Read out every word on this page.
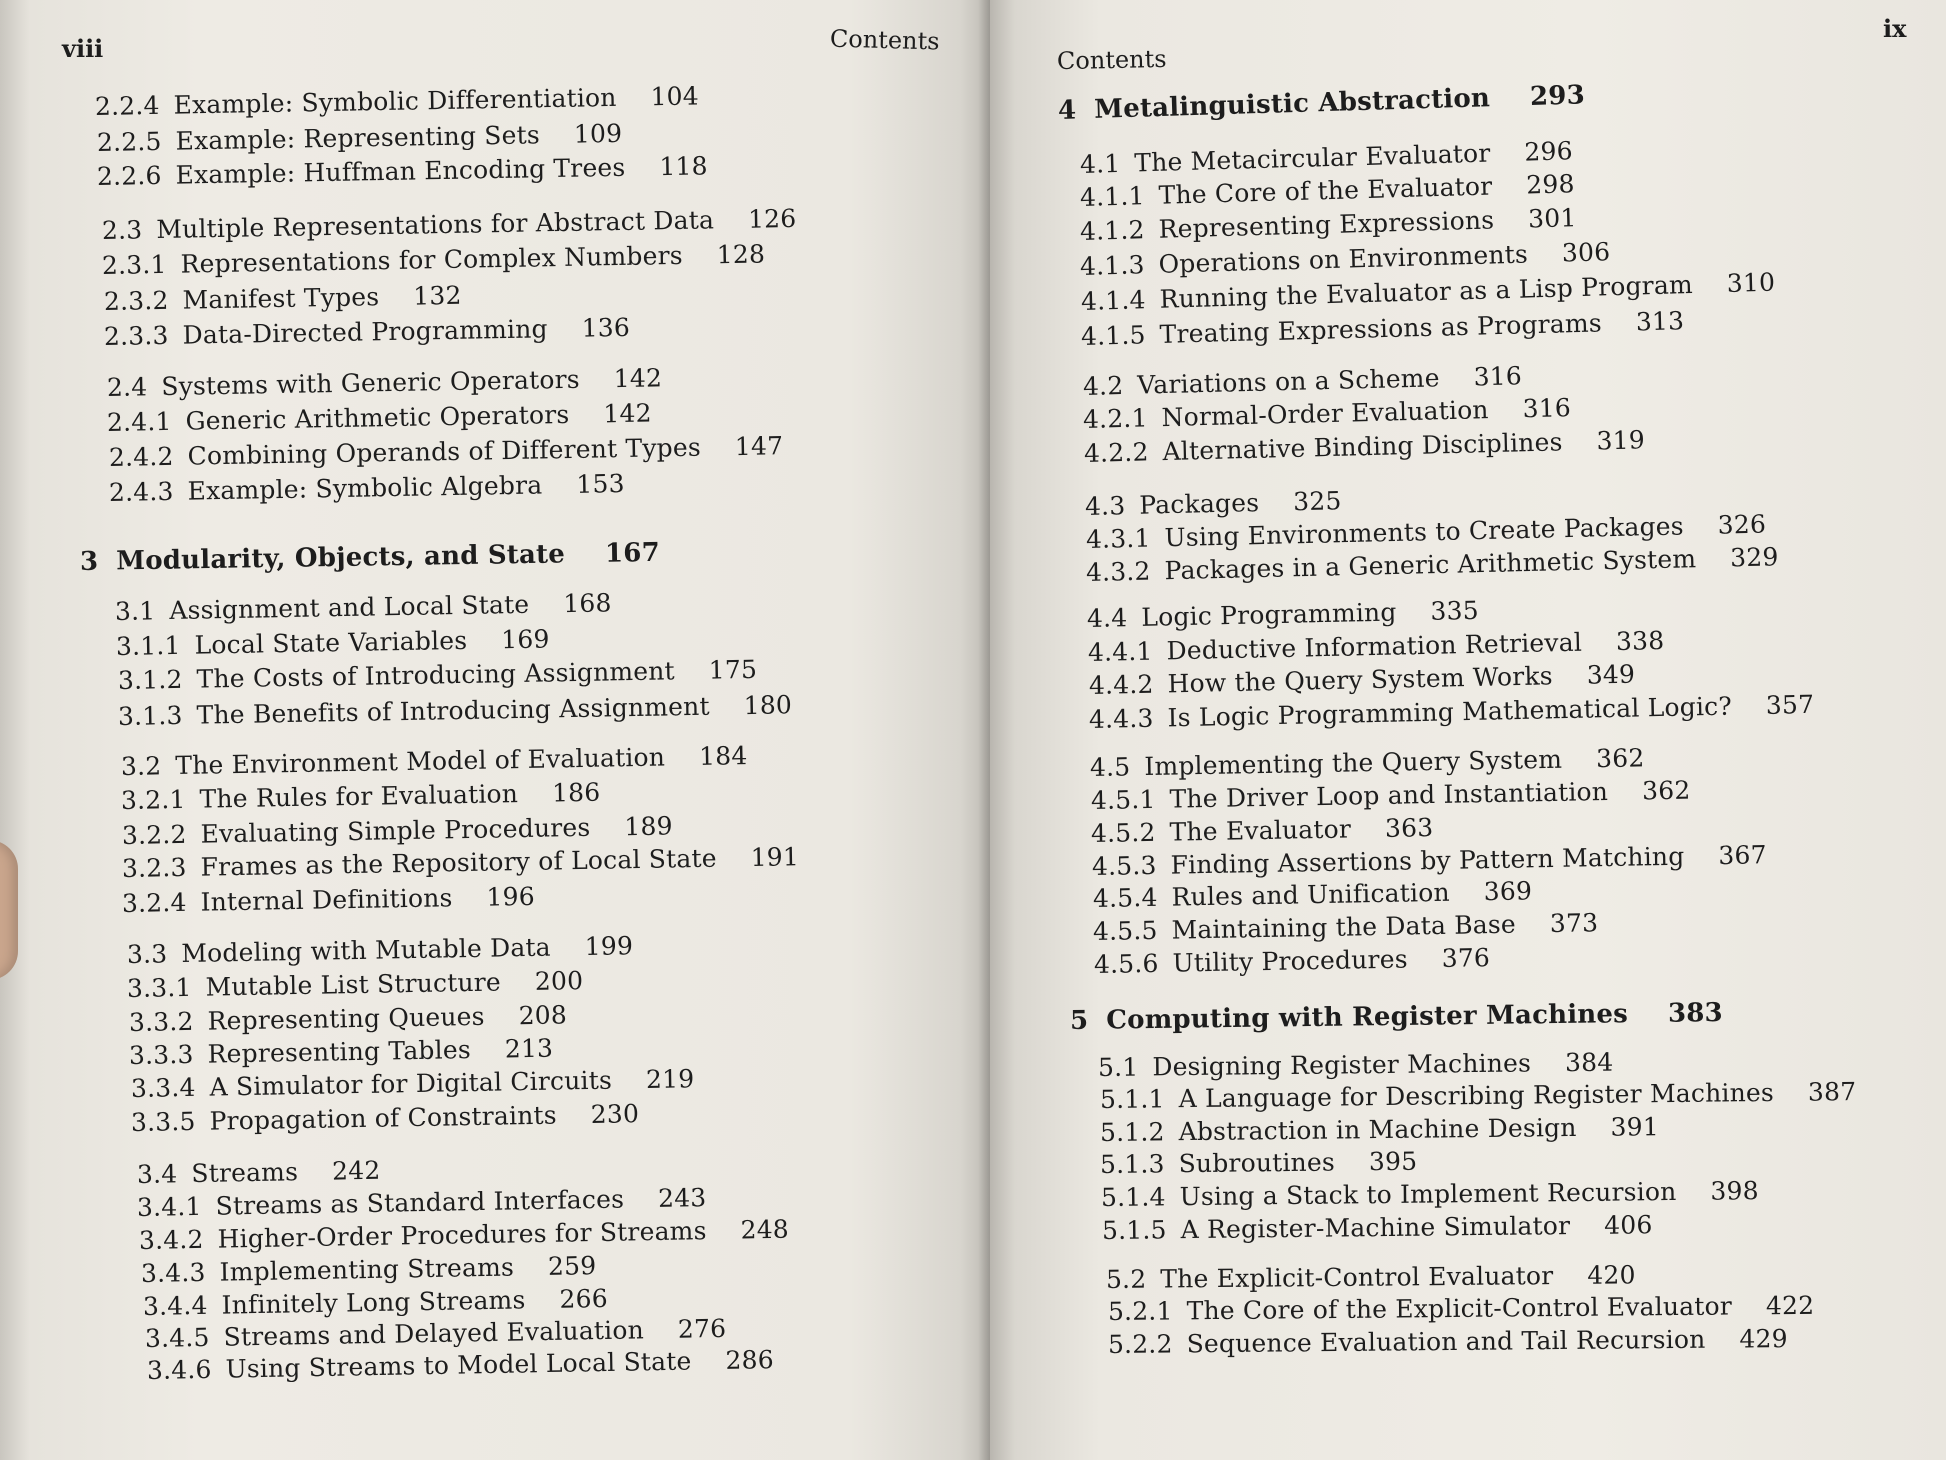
viii	Contents
2.2.4 Example: Symbolic Differentiation 104
2.2.5 Example: Representing Sets 109
2.2.6 Example: Huffman Encoding Trees 118
2.3 Multiple Representations for Abstract Data 126
2.3.1 Representations for Complex Numbers 128
2.3.2 Manifest Types 132
2.3.3 Data-Directed Programming 136
2.4 Systems with Generic Operators 142
2.4.1 Generic Arithmetic Operators 142
2.4.2 Combining Operands of Different Types 147
2.4.3 Example: Symbolic Algebra 153
3 Modularity, Objects, and State 167
3.1 Assignment and Local State 168
3.1.1 Local State Variables 169
3.1.2 The Costs of Introducing Assignment 175
3.1.3 The Benefits of Introducing Assignment 180
3.2 The Environment Model of Evaluation 184
3.2.1 The Rules for Evaluation 186
3.2.2 Evaluating Simple Procedures 189
3.2.3 Frames as the Repository of Local State 191
3.2.4 Internal Definitions 196
3.3 Modeling with Mutable Data 199
3.3.1 Mutable List Structure 200
3.3.2 Representing Queues 208
3.3.3 Representing Tables 213
3.3.4 A Simulator for Digital Circuits 219
3.3.5 Propagation of Constraints 230
3.4 Streams 242
3.4.1 Streams as Standard Interfaces 243
3.4.2 Higher-Order Procedures for Streams 248
3.4.3 Implementing Streams 259
3.4.4 Infinitely Long Streams 266
3.4.5 Streams and Delayed Evaluation 276
3.4.6 Using Streams to Model Local State 286
Contents
ix
4 Metalinguistic Abstraction 293
4.1 The Metacircular Evaluator 296
4.1.1 The Core of the Evaluator 298
4.1.2 Representing Expressions 301
4.1.3 Operations on Environments 306
4.1.4 Running the Evaluator as a Lisp Program 310
4.1.5 Treating Expressions as Programs 313
4.2 Variations on a Scheme 316
4.2.1 Normal-Order Evaluation 316
4.2.2 Alternative Binding Disciplines 319
4.3 Packages 325
4.3.1 Using Environments to Create Packages 326
4.3.2 Packages in a Generic Arithmetic System 329
4.4 Logic Programming 335
4.4.1 Deductive Information Retrieval 338
4.4.2 How the Query System Works 349
4.4.3 Is Logic Programming Mathematical Logic? 357
4.5 Implementing the Query System 362
4.5.1 The Driver Loop and Instantiation 362
4.5.2 The Evaluator 363
4.5.3 Finding Assertions by Pattern Matching 367
4.5.4 Rules and Unification 369
4.5.5 Maintaining the Data Base 373
4.5.6 Utility Procedures 376
5 Computing with Register Machines 383
5.1 Designing Register Machines 384
5.1.1 A Language for Describing Register Machines 387
5.1.2 Abstraction in Machine Design 391
5.1.3 Subroutines 395
5.1.4 Using a Stack to Implement Recursion 398
5.1.5 A Register-Machine Simulator 406
5.2 The Explicit-Control Evaluator 420
5.2.1 The Core of the Explicit-Control Evaluator 422
5.2.2 Sequence Evaluation and Tail Recursion 429
